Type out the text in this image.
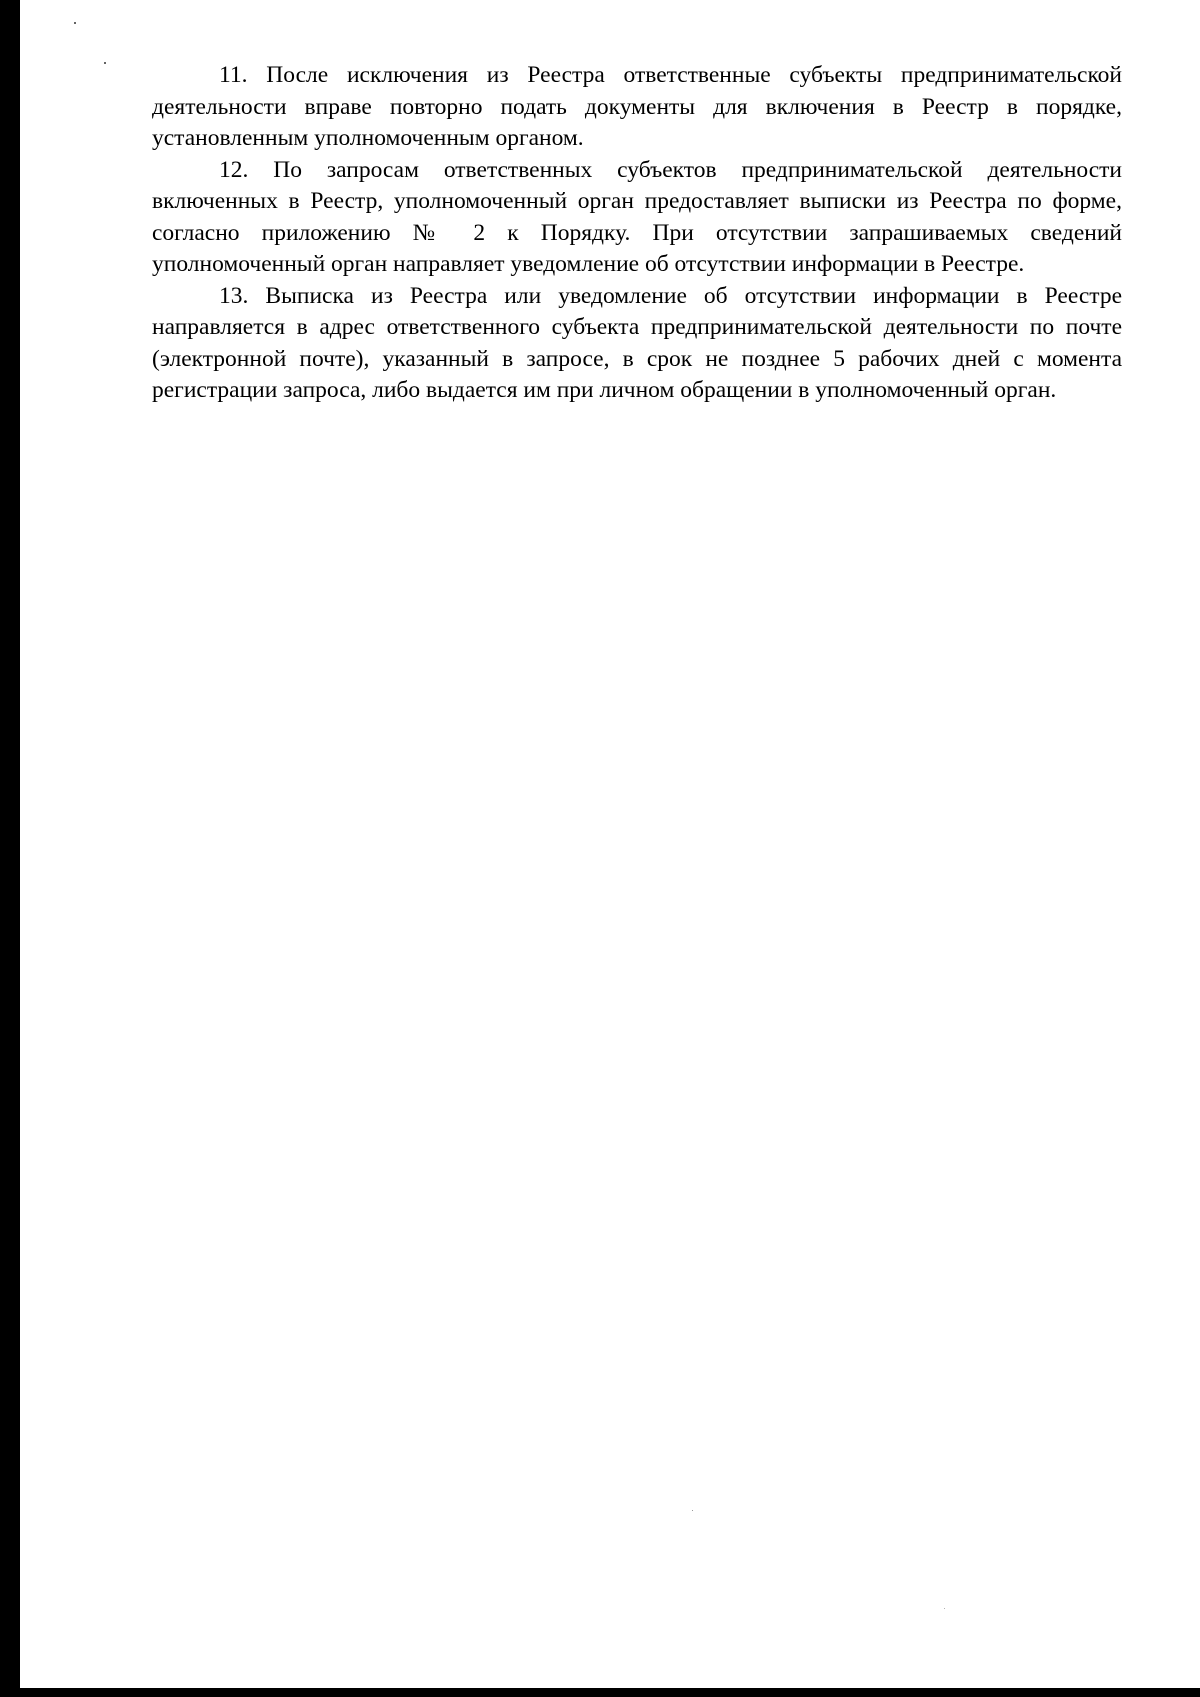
11. После исключения из Реестра ответственные субъекты предпринимательской деятельности вправе повторно подать документы для включения в Реестр в порядке, установленным уполномоченным органом.

12. По запросам ответственных субъектов предпринимательской деятельности включенных в Реестр, уполномоченный орган предоставляет выписки из Реестра по форме, согласно приложению № 2 к Порядку. При отсутствии запрашиваемых сведений уполномоченный орган направляет уведомление об отсутствии информации в Реестре.

13. Выписка из Реестра или уведомление об отсутствии информации в Реестре направляется в адрес ответственного субъекта предпринимательской деятельности по почте (электронной почте), указанный в запросе, в срок не позднее 5 рабочих дней с момента регистрации запроса, либо выдается им при личном обращении в уполномоченный орган.
